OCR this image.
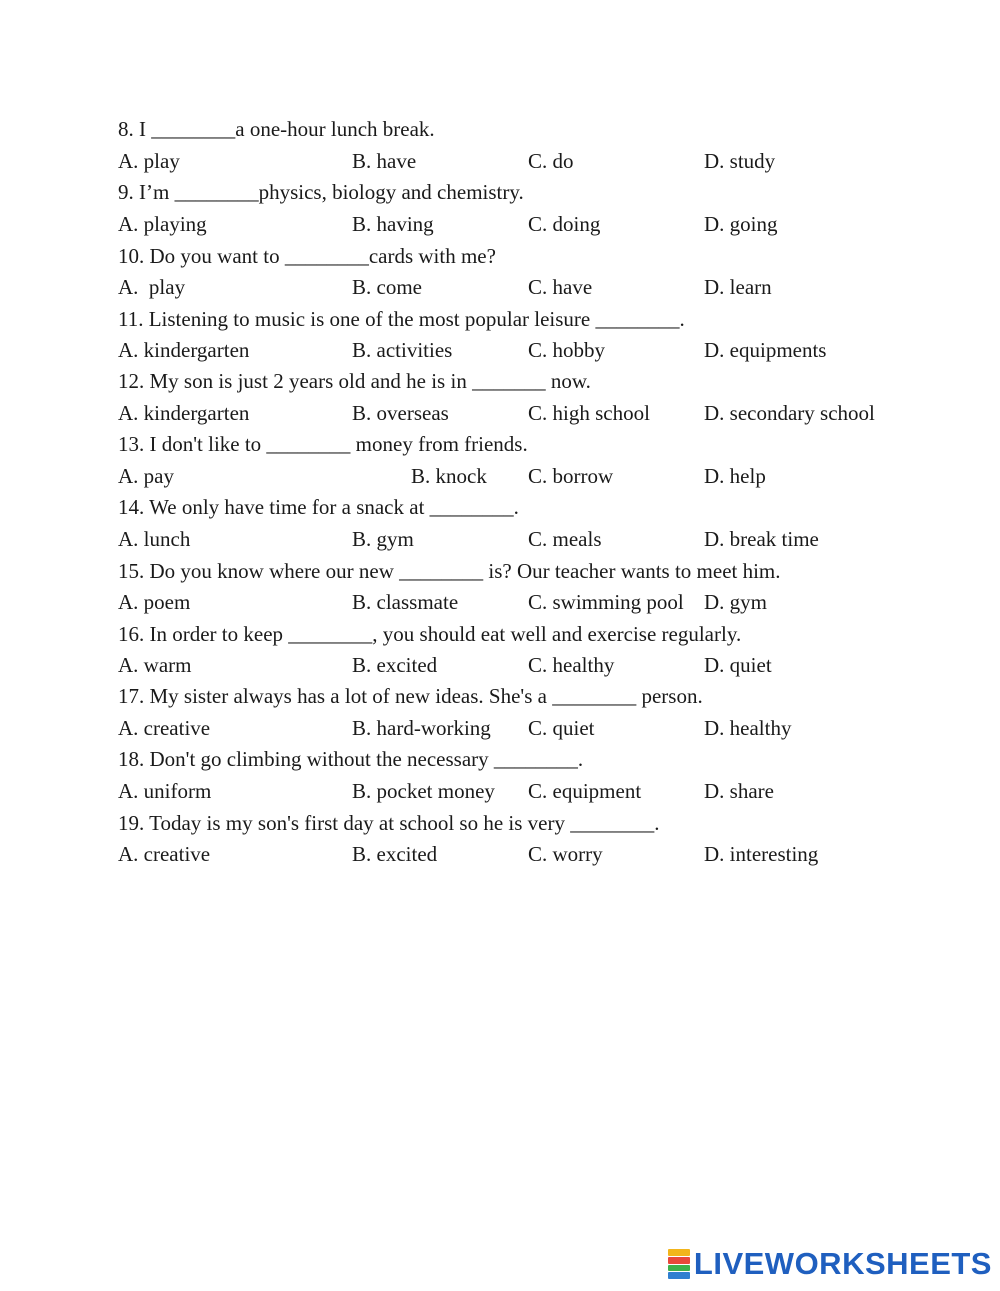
8. I ________a one-hour lunch break.
A. play	B. have	C. do	D. study
9. I’m ________physics, biology and chemistry.
A. playing	B. having	C. doing	D. going
10. Do you want to ________cards with me?
A.  play	B. come	C. have	D. learn
11. Listening to music is one of the most popular leisure ________.
A. kindergarten	B. activities	C. hobby	D. equipments
12. My son is just 2 years old and he is in _______ now.
A. kindergarten	B. overseas	C. high school	D. secondary school
13. I don't like to ________ money from friends.
A. pay	B. knock C. borrow	D. help
14. We only have time for a snack at ________.
A. lunch	B. gym	C. meals	D. break time
15. Do you know where our new ________ is? Our teacher wants to meet him.
A. poem	B. classmate	C. swimming pool D. gym
16. In order to keep ________, you should eat well and exercise regularly.
A. warm	B. excited	C. healthy	D. quiet
17. My sister always has a lot of new ideas. She's a ________ person.
A. creative	B. hard-working C. quiet	D. healthy
18. Don't go climbing without the necessary ________.
A. uniform	B. pocket money C. equipment	D. share
19. Today is my son's first day at school so he is very ________.
A. creative	B. excited	C. worry	D. interesting
LIVEWORKSHEETS
